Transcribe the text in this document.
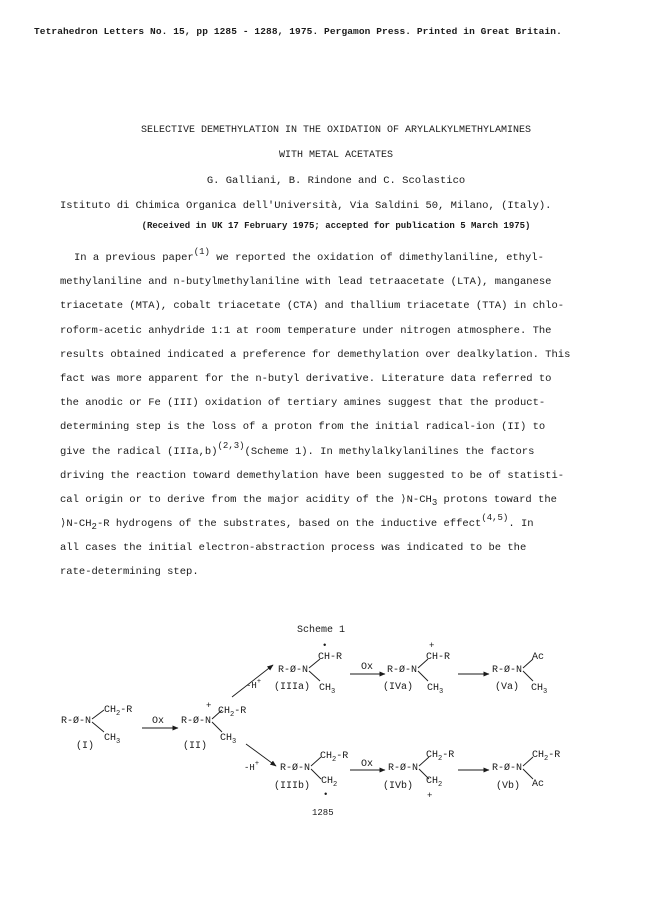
Tetrahedron Letters No. 15, pp 1285 - 1288, 1975. Pergamon Press. Printed in Great Britain.
SELECTIVE DEMETHYLATION IN THE OXIDATION OF ARYLALKYLMETHYLAMINES
WITH METAL ACETATES
G. Galliani, B. Rindone and C. Scolastico
Istituto di Chimica Organica dell'Università, Via Saldini 50, Milano, (Italy).
(Received in UK 17 February 1975; accepted for publication 5 March 1975)
In a previous paper$^{(1)}$ we reported the oxidation of dimethylaniline, ethyl-
methylaniline and n-butylmethylaniline with lead tetraacetate (LTA), manganese
triacetate (MTA), cobalt triacetate (CTA) and thallium triacetate (TTA) in chlo-
roform-acetic anhydride 1:1 at room temperature under nitrogen atmosphere. The
results obtained indicated a preference for demethylation over dealkylation. This
fact was more apparent for the n-butyl derivative. Literature data referred to
the anodic or Fe (III) oxidation of tertiary amines suggest that the product-
determining step is the loss of a proton from the initial radical-ion (II) to
give the radical (IIIa,b)$^{(2,3)}$(Scheme 1). In methylalkylanilines the factors
driving the reaction toward demethylation have been suggested to be of statisti-
cal origin or to derive from the major acidity of the $⟩N-CH_3$ protons toward the
$⟩N-CH_2-R$ hydrogens of the substrates, based on the inductive effect$^{(4,5)}$. In
all cases the initial electron-abstraction process was indicated to be the
rate-determining step.
Scheme 1
R-Ø-N
$CH_2-R$
$CH_3$
(I)
Ox R-Ø-N
+ $CH_2-R$
$CH_3$
(II)
-H+
-H+
R-Ø-N
•
CH-R
$CH_3$
(IIIa)
Ox R-Ø-N
+
CH-R
$CH_3$
(IVa)
R-Ø-N
Ac
$CH_3$
(Va)
R-Ø-N
$CH_2-R$
$CH_2$
•
(IIIb)
Ox R-Ø-N
$CH_2-R$
$CH_2$
+
(IVb)
R-Ø-N
$CH_2-R$
Ac
(Vb)
1285
